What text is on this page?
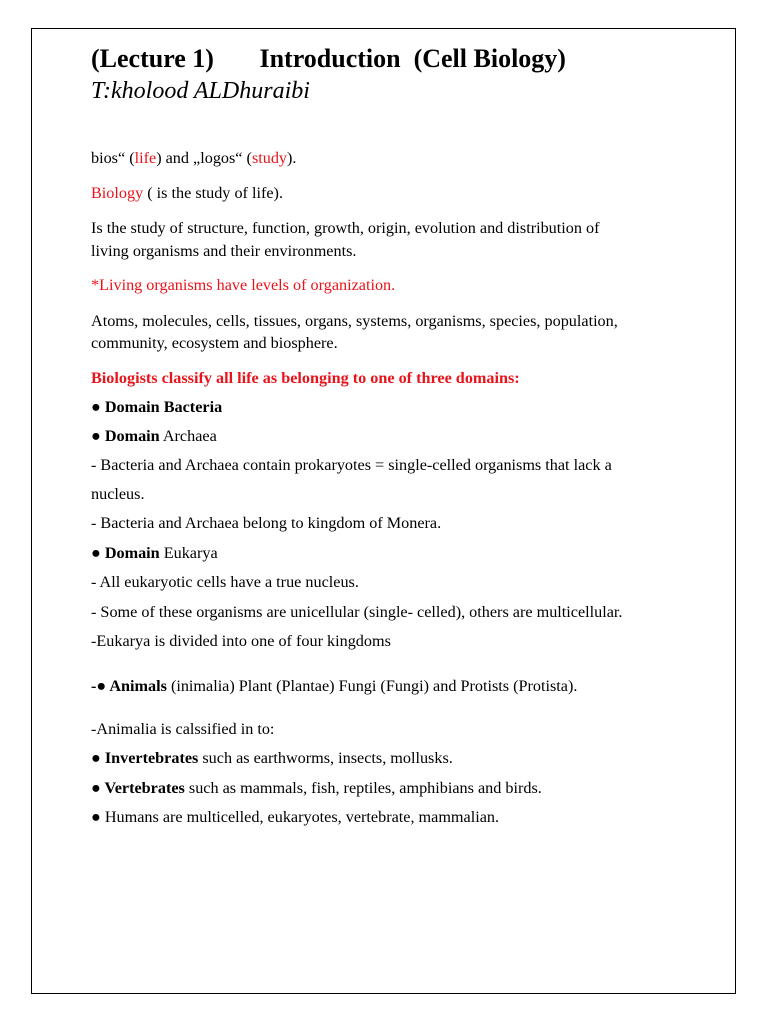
(Lecture 1)       Introduction  (Cell Biology)
T:kholood ALDhuraibi
bios“ (life) and „logos“ (study).
Biology ( is the study of life).
Is the study of structure, function, growth, origin, evolution and distribution of
living organisms and their environments.
*Living organisms have levels of organization.
Atoms, molecules, cells, tissues, organs, systems, organisms, species, population,
community, ecosystem and biosphere.
Biologists classify all life as belonging to one of three domains:
● Domain Bacteria
● Domain Archaea
- Bacteria and Archaea contain prokaryotes = single-celled organisms that lack a
nucleus.
- Bacteria and Archaea belong to kingdom of Monera.
● Domain Eukarya
- All eukaryotic cells have a true nucleus.
- Some of these organisms are unicellular (single- celled), others are multicellular.
-Eukarya is divided into one of four kingdoms
-● Animals (inimalia) Plant (Plantae) Fungi (Fungi) and Protists (Protista).
-Animalia is calssified in to:
● Invertebrates such as earthworms, insects, mollusks.
● Vertebrates such as mammals, fish, reptiles, amphibians and birds.
● Humans are multicelled, eukaryotes, vertebrate, mammalian.
